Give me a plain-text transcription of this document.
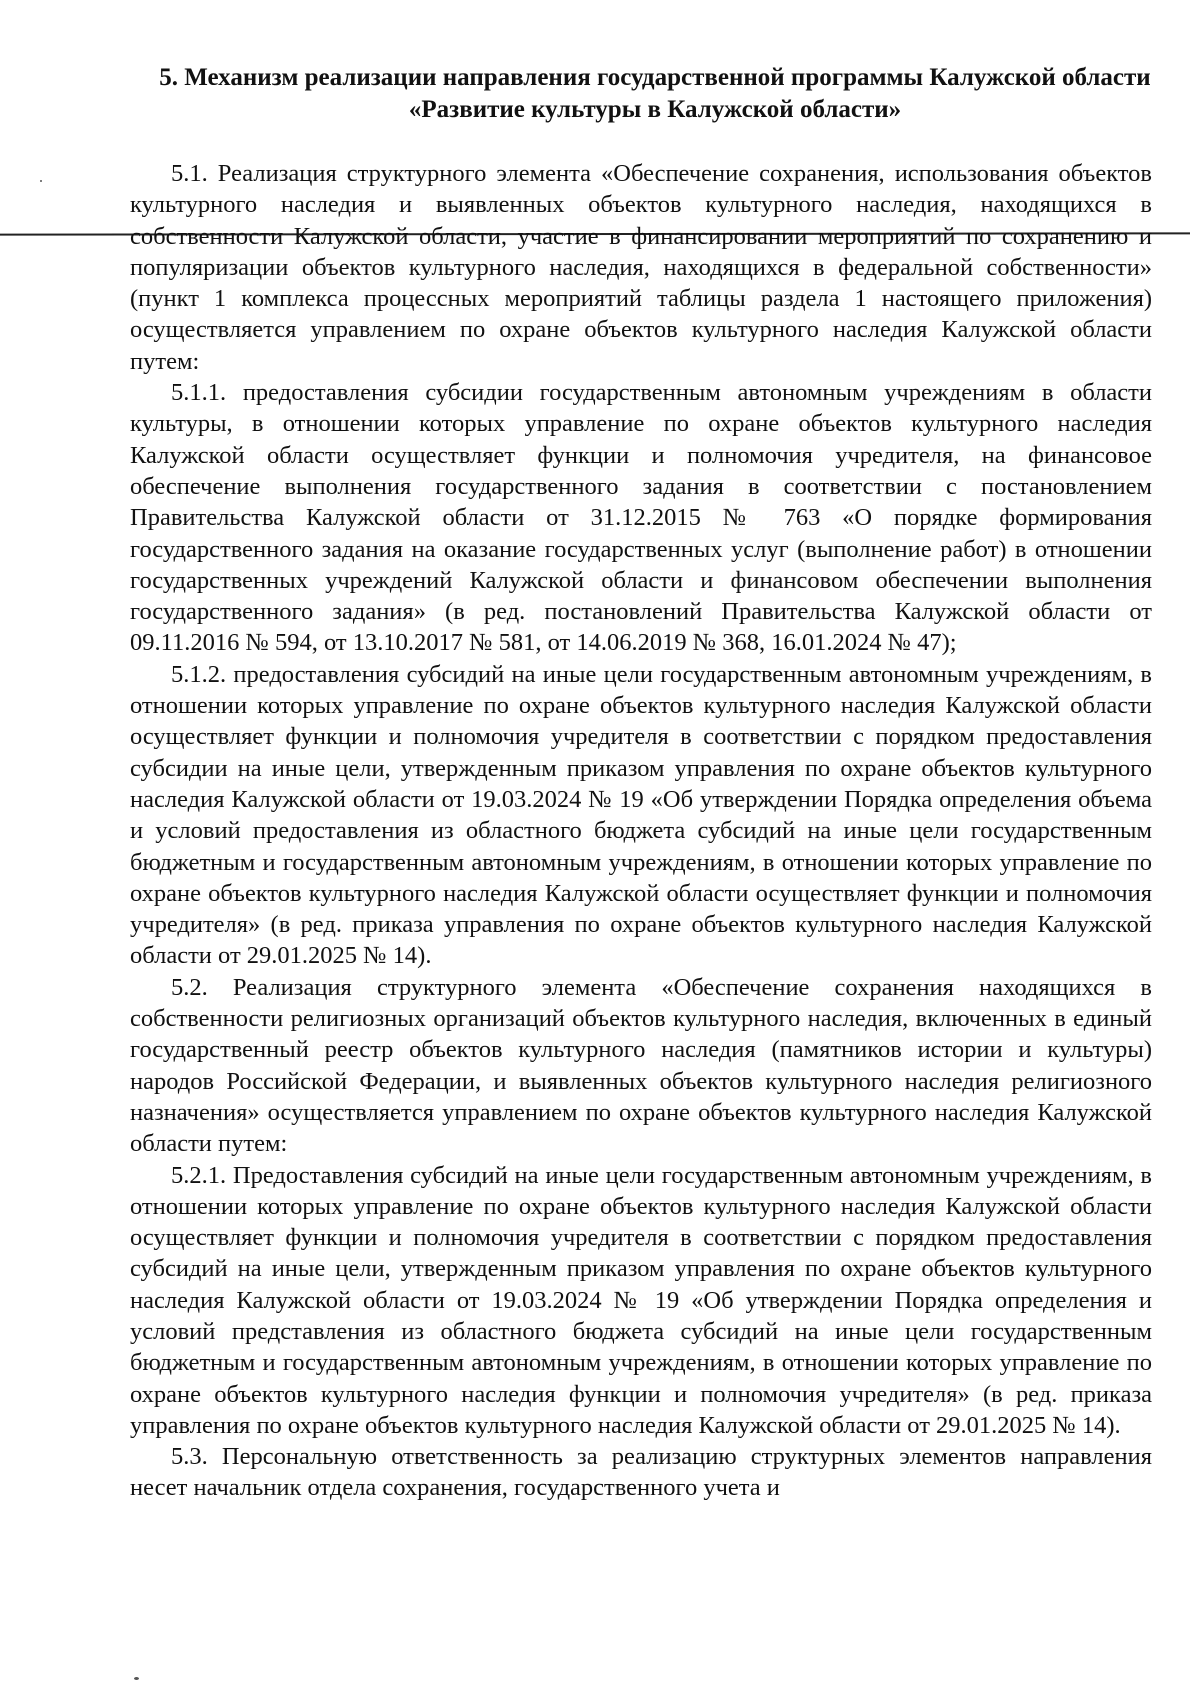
5. Механизм реализации направления государственной программы Калужской области «Развитие культуры в Калужской области»

5.1. Реализация структурного элемента «Обеспечение сохранения, использования объектов культурного наследия и выявленных объектов культурного наследия, находящихся в собственности Калужской области, участие в финансировании мероприятий по сохранению и популяризации объектов культурного наследия, находящихся в федеральной собственности» (пункт 1 комплекса процессных мероприятий таблицы раздела 1 настоящего приложения) осуществляется управлением по охране объектов культурного наследия Калужской области путем:

5.1.1. предоставления субсидии государственным автономным учреждениям в области культуры, в отношении которых управление по охране объектов культурного наследия Калужской области осуществляет функции и полномочия учредителя, на финансовое обеспечение выполнения государственного задания в соответствии с постановлением Правительства Калужской области от 31.12.2015 № 763 «О порядке формирования государственного задания на оказание государственных услуг (выполнение работ) в отношении государственных учреждений Калужской области и финансовом обеспечении выполнения государственного задания» (в ред. постановлений Правительства Калужской области от 09.11.2016 № 594, от 13.10.2017 № 581, от 14.06.2019 № 368, 16.01.2024 № 47);

5.1.2. предоставления субсидий на иные цели государственным автономным учреждениям, в отношении которых управление по охране объектов культурного наследия Калужской области осуществляет функции и полномочия учредителя в соответствии с порядком предоставления субсидии на иные цели, утвержденным приказом управления по охране объектов культурного наследия Калужской области от 19.03.2024 № 19 «Об утверждении Порядка определения объема и условий предоставления из областного бюджета субсидий на иные цели государственным бюджетным и государственным автономным учреждениям, в отношении которых управление по охране объектов культурного наследия Калужской области осуществляет функции и полномочия учредителя» (в ред. приказа управления по охране объектов культурного наследия Калужской области от 29.01.2025 № 14).

5.2. Реализация структурного элемента «Обеспечение сохранения находящихся в собственности религиозных организаций объектов культурного наследия, включенных в единый государственный реестр объектов культурного наследия (памятников истории и культуры) народов Российской Федерации, и выявленных объектов культурного наследия религиозного назначения» осуществляется управлением по охране объектов культурного наследия Калужской области путем:

5.2.1. Предоставления субсидий на иные цели государственным автономным учреждениям, в отношении которых управление по охране объектов культурного наследия Калужской области осуществляет функции и полномочия учредителя в соответствии с порядком предоставления субсидий на иные цели, утвержденным приказом управления по охране объектов культурного наследия Калужской области от 19.03.2024 № 19 «Об утверждении Порядка определения и условий представления из областного бюджета субсидий на иные цели государственным бюджетным и государственным автономным учреждениям, в отношении которых управление по охране объектов культурного наследия функции и полномочия учредителя» (в ред. приказа управления по охране объектов культурного наследия Калужской области от 29.01.2025 № 14).

5.3. Персональную ответственность за реализацию структурных элементов направления несет начальник отдела сохранения, государственного учета и
